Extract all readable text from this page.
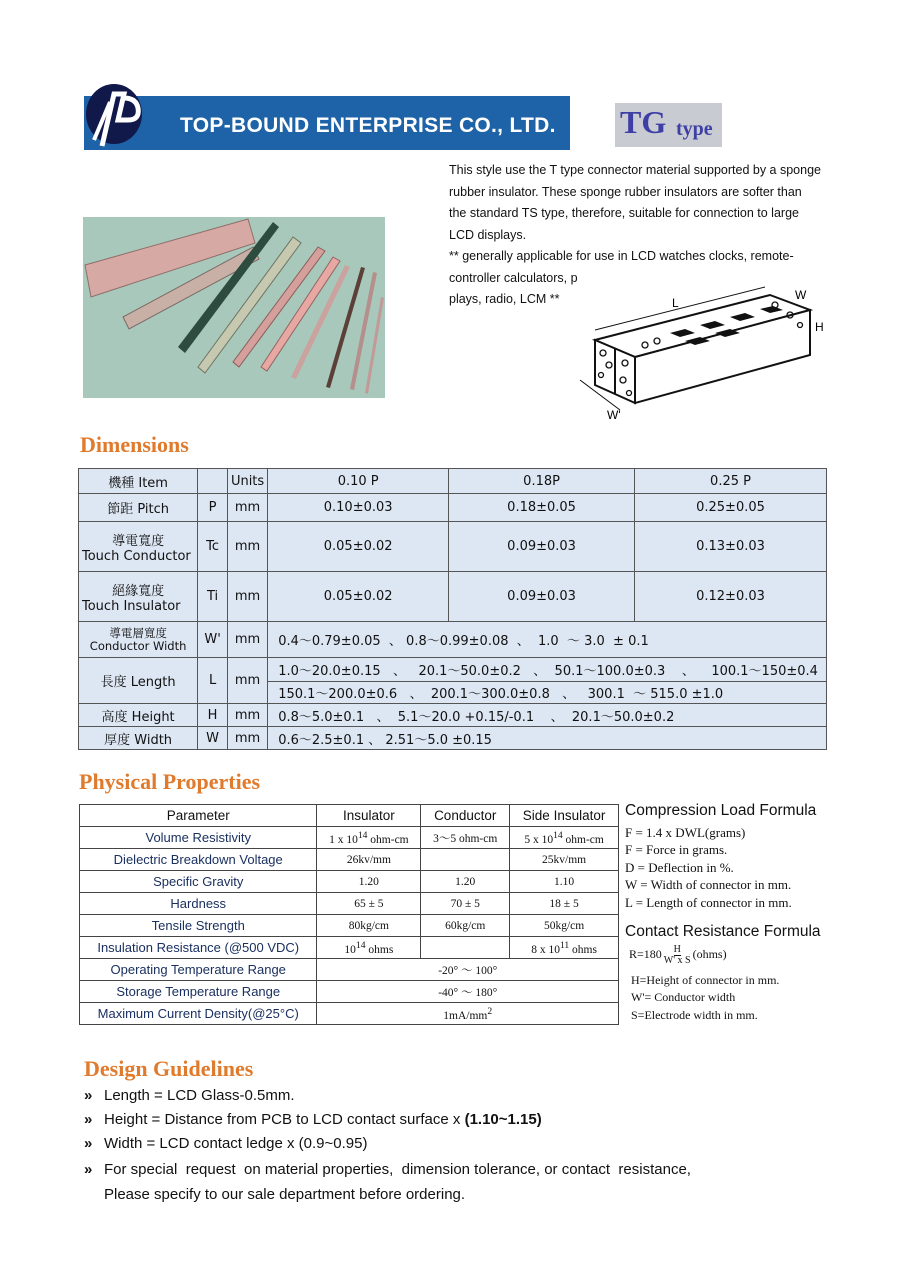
TOP-BOUND ENTERPRISE CO., LTD. TG type

This style use the T type connector material supported by a sponge

rubber insulator. These sponge rubber insulators are softer than

the standard TS type, therefore, suitable for connection to large

LCD displays.

** generally applicable for use in LCD watches clocks, remote-

controller calculators, p

plays, radio, LCM **	L
W
H
W'
Dimensions
機種 Item		Units	0.10 P	0.18P	0.25 P
節距 Pitch	P	mm	0.10±0.03	0.18±0.05	0.25±0.05

導電寬度
Touch Conductor	Tc	mm	0.05±0.02	0.09±0.03	0.13±0.03

絕緣寬度
Touch Insulator	Ti	mm	0.05±0.02	0.09±0.03	0.12±0.03

導電層寬度
Conductor Width	W'	mm	0.4～0.79±0.05  、 0.8～0.99±0.08  、  1.0  ～ 3.0  ± 0.1		
長度 Length	L	mm	1.0～20.0±0.15   、   20.1～50.0±0.2   、  50.1～100.0±0.3    、    100.1～150±0.4		
			150.1～200.0±0.6   、  200.1～300.0±0.8   、   300.1  ～ 515.0 ±1.0		
高度 Height	H	mm	0.8～5.0±0.1   、  5.1～20.0 +0.15/-0.1    、  20.1～50.0±0.2		
厚度 Width	W	mm	0.6～2.5±0.1 、 2.51～5.0 ±0.15		
Physical Properties
Parameter	Insulator	Conductor	Side Insulator
Volume Resistivity	1 x $10^{14}$ ohm-cm	3～5 ohm-cm	5 x $10^{14}$ ohm-cm
Dielectric Breakdown Voltage	26kv/mm		25kv/mm
Specific Gravity	1.20	1.20	1.10
Hardness	65 ± 5	70 ± 5	18 ± 5
Tensile Strength	80kg/cm	60kg/cm	50kg/cm
Insulation Resistance (@500 VDC)	$10^{14}$ ohms		8 x $10^{11}$ ohms
Operating Temperature Range	-20° ～ 100°		
Storage Temperature Range	-40° ～ 180°		
Maximum Current Density(@25°C)	$1mA/mm^2$
Compression Load Formula
F = 1.4 x DWL(grams)
F = Force in grams.
D = Deflection in %.
W = Width of connector in mm.
L = Length of connector in mm.
Contact Resistance Formula
R=180 H
W' x S (ohms)
H=Height of connector in mm.
W'= Conductor width
S=Electrode width in mm.
Design Guidelines
» Length = LCD Glass-0.5mm.
» Height = Distance from PCB to LCD contact surface x (1.10~1.15)
» Width = LCD contact ledge x (0.9~0.95)
» For special  request  on material properties,  dimension tolerance, or contact  resistance,
Please specify to our sale department before ordering.
